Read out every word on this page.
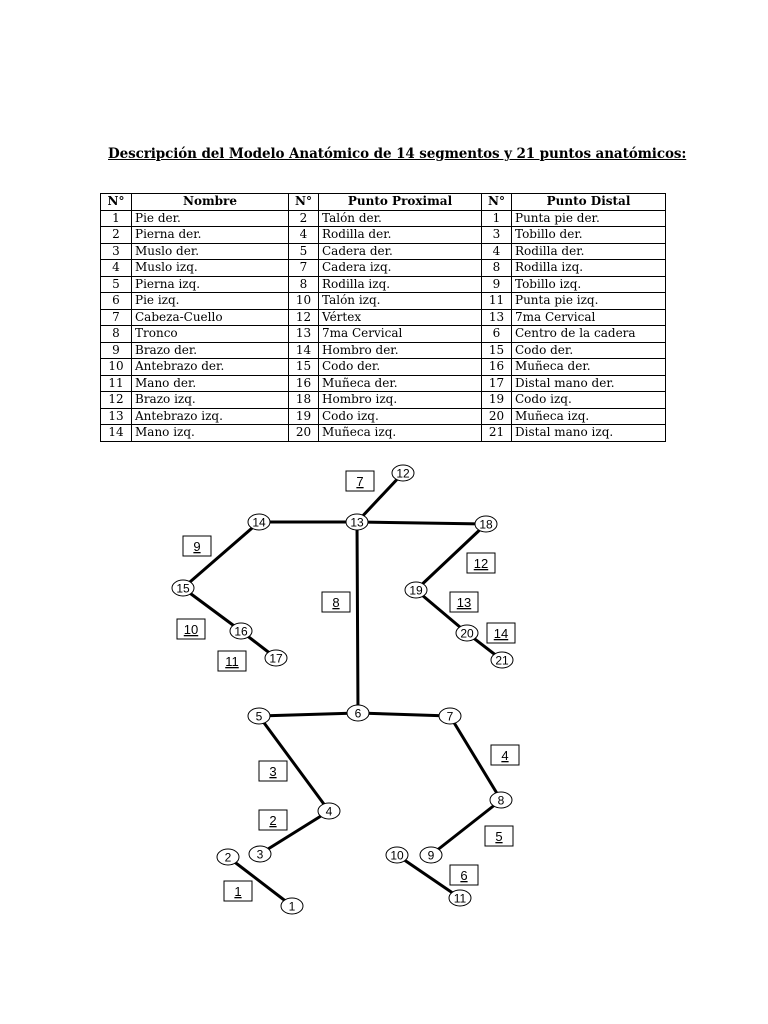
Descripción del Modelo Anatómico de 14 segmentos y 21 puntos anatómicos:
N°	Nombre	N°	Punto Proximal	N°	Punto Distal
1	Pie der.	2	Talón der.	1	Punta pie der.
2	Pierna der.	4	Rodilla der.	3	Tobillo der.
3	Muslo der.	5	Cadera der.	4	Rodilla der.
4	Muslo izq.	7	Cadera izq.	8	Rodilla izq.
5	Pierna izq.	8	Rodilla izq.	9	Tobillo izq.
6	Pie izq.	10	Talón izq.	11	Punta pie izq.
7	Cabeza-Cuello	12	Vértex	13	7ma Cervical
8	Tronco	13	7ma Cervical	6	Centro de la cadera
9	Brazo der.	14	Hombro der.	15	Codo der.
10	Antebrazo der.	15	Codo der.	16	Muñeca der.
11	Mano der.	16	Muñeca der.	17	Distal mano der.
12	Brazo izq.	18	Hombro izq.	19	Codo izq.
13	Antebrazo izq.	19	Codo izq.	20	Muñeca izq.
14	Mano izq.	20	Muñeca izq.	21	Distal mano izq.
1
2
3
4
5
6
7
8
9
10
11
12
13
14
1
2 3
4
5	6	7
8
9
10
11
12
13
14
15
16
17
18
19
20
21
